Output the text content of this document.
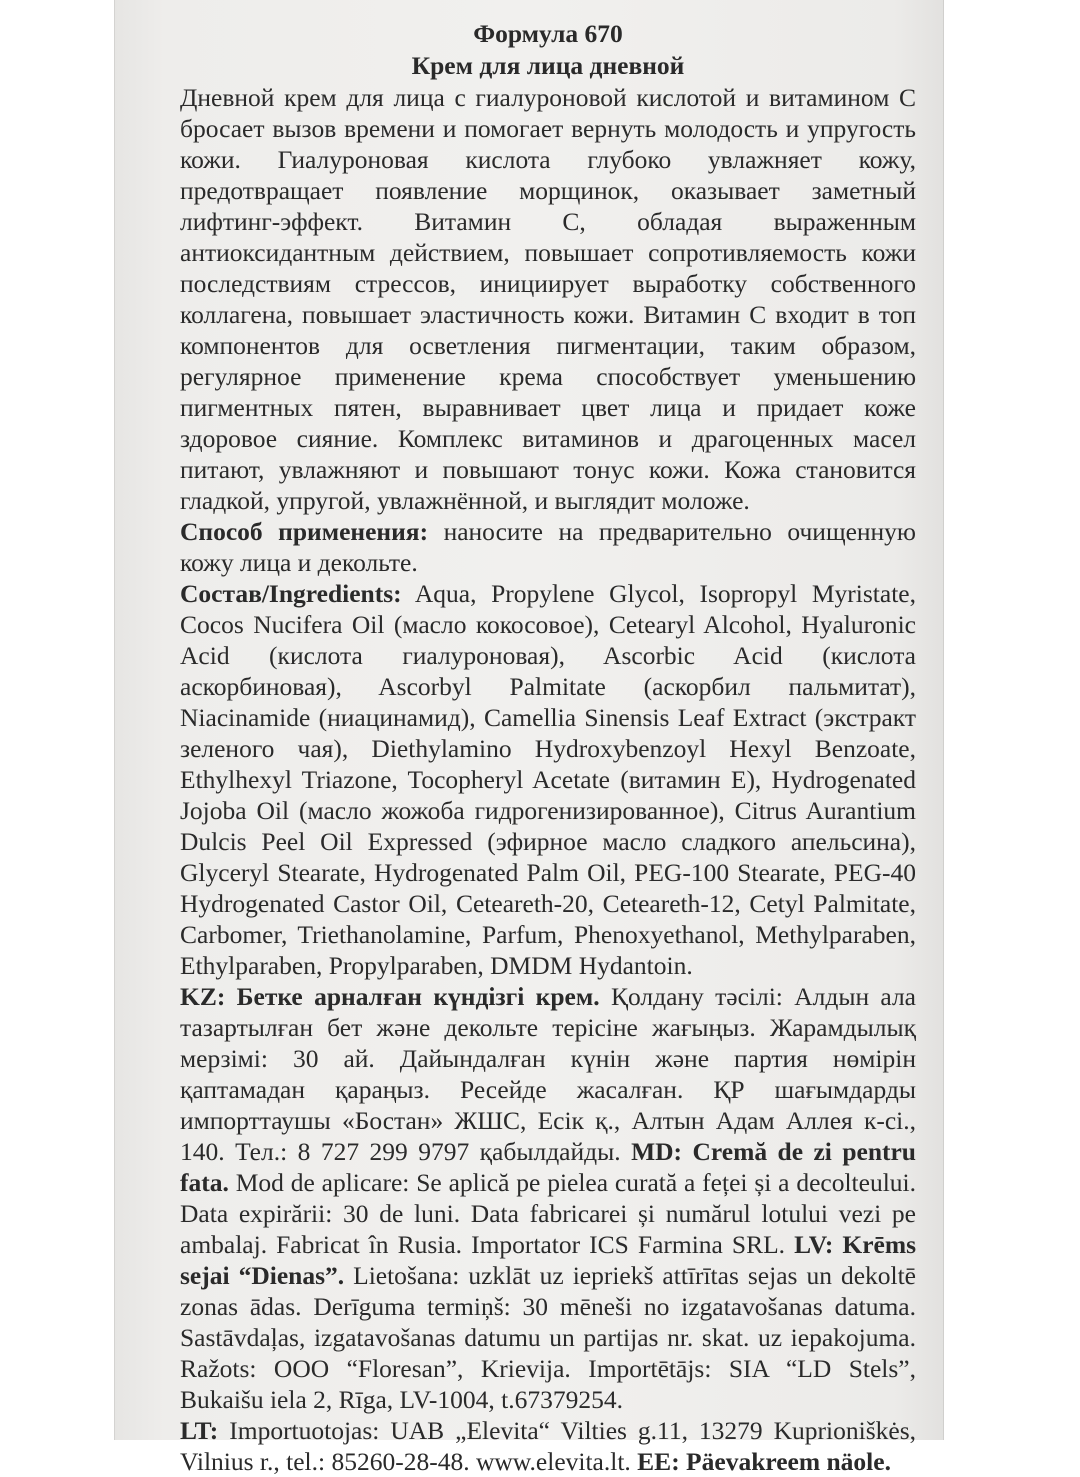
Формула 670

Крем для лица дневной

Дневной крем для лица с гиалуроновой кислотой и витамином С бросает вызов времени и помогает вернуть молодость и упругость кожи. Гиалуроновая кислота глубоко увлажняет кожу, предотвращает появление морщинок, оказывает заметный лифтинг-эффект. Витамин С, обладая выраженным антиоксидантным действием, повышает сопротивляемость кожи последствиям стрессов, инициирует выработку собственного коллагена, повышает эластичность кожи. Витамин С входит в топ компонентов для осветления пигментации, таким образом, регулярное применение крема способствует уменьшению пигментных пятен, выравнивает цвет лица и придает коже здоровое сияние. Комплекс витаминов и драгоценных масел питают, увлажняют и повышают тонус кожи. Кожа становится гладкой, упругой, увлажнённой, и выглядит моложе.

Способ применения: наносите на предварительно очищенную кожу лица и декольте.

Состав/Ingredients: Aqua, Propylene Glycol, Isopropyl Myristate, Cocos Nucifera Oil (масло кокосовое), Cetearyl Alcohol, Hyaluronic Acid (кислота гиалуроновая), Ascorbic Acid (кислота аскорбиновая), Ascorbyl Palmitate (аскорбил пальмитат), Niacinamide (ниацинамид), Camellia Sinensis Leaf Extract (экстракт зеленого чая), Diethylamino Hydroxybenzoyl Hexyl Benzoate, Ethylhexyl Triazone, Tocopheryl Acetate (витамин Е), Hydrogenated Jojoba Oil (масло жожоба гидрогенизированное), Citrus Aurantium Dulcis Peel Oil Expressed (эфирное масло сладкого апельсина), Glyceryl Stearate, Hydrogenated Palm Oil, PEG-100 Stearate, PEG-40 Hydrogenated Castor Oil, Ceteareth-20, Ceteareth-12, Cetyl Palmitate, Carbomer, Triethanolamine, Parfum, Phenoxyethanol, Methylparaben, Ethylparaben, Propylparaben, DMDM Hydantoin.

KZ: Бетке арналған күндізгі крем. Қолдану тәсілі: Алдын ала тазартылған бет және декольте терісіне жағыңыз. Жарамдылық мерзімі: 30 ай. Дайындалған күнін және партия нөмірін қаптамадан қараңыз. Ресейде жасалған. ҚР шағымдарды импорттаушы «Бостан» ЖШС, Есік қ., Алтын Адам Аллея к-сі., 140. Тел.: 8 727 299 9797 қабылдайды. MD: Cremă de zi pentru fata. Mod de aplicare: Se aplică pe pielea curată a feței și a decolteului. Data expirării: 30 de luni. Data fabricarei și numărul lotului vezi pe ambalaj. Fabricat în Rusia. Importator ICS Farmina SRL. LV: Krēms sejai “Dienas”. Lietošana: uzklāt uz iepriekš attīrītas sejas un dekoltē zonas ādas. Derīguma termiņš: 30 mēneši no izgatavošanas datuma. Sastāvdaļas, izgatavošanas datumu un partijas nr. skat. uz iepakojuma. Ražots: OOO “Floresan”, Krievija. Importētājs: SIA “LD Stels”, Bukaišu iela 2, Rīga, LV-1004, t.67379254.

LT: Importuotojas: UAB „Elevita“ Vilties g.11, 13279 Kuprioniškės, Vilnius r., tel.: 85260-28-48. www.elevita.lt. EE: Päevakreem näole.
